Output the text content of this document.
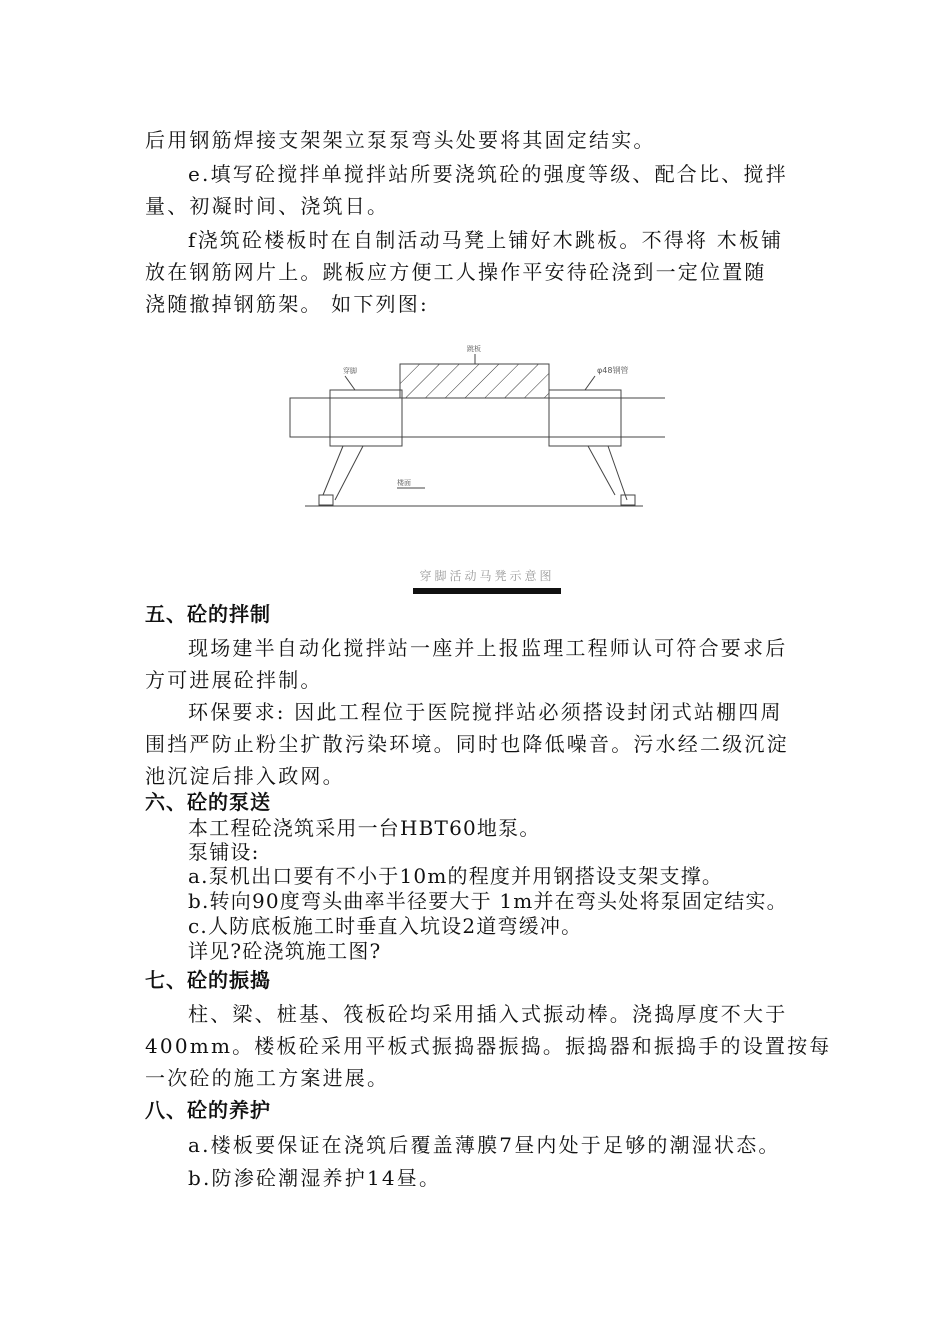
后用钢筋焊接支架架立泵泵弯头处要将其固定结实。
e.填写砼搅拌单搅拌站所要浇筑砼的强度等级、配合比、搅拌
量、初凝时间、浇筑日。
f浇筑砼楼板时在自制活动马凳上铺好木跳板。不得将 木板铺
放在钢筋网片上。跳板应方便工人操作平安待砼浇到一定位置随
浇随撤掉钢筋架。 如下列图:
跳板
穿脚	φ48钢管
楼面
穿脚活动马凳示意图
五、砼的拌制
现场建半自动化搅拌站一座并上报监理工程师认可符合要求后
方可进展砼拌制。
环保要求: 因此工程位于医院搅拌站必须搭设封闭式站棚四周
围挡严防止粉尘扩散污染环境。同时也降低噪音。污水经二级沉淀
池沉淀后排入政网。
六、砼的泵送
本工程砼浇筑采用一台HBT60地泵。
泵铺设:
a.泵机出口要有不小于10m的程度并用钢搭设支架支撑。
b.转向90度弯头曲率半径要大于 1m并在弯头处将泵固定结实。
c.人防底板施工时垂直入坑设2道弯缓冲。
详见?砼浇筑施工图?
七、砼的振捣
柱、梁、桩基、筏板砼均采用插入式振动棒。浇捣厚度不大于
400mm。楼板砼采用平板式振捣器振捣。振捣器和振捣手的设置按每
一次砼的施工方案进展。
八、砼的养护
a.楼板要保证在浇筑后覆盖薄膜7昼内处于足够的潮湿状态。
b.防渗砼潮湿养护14昼。
